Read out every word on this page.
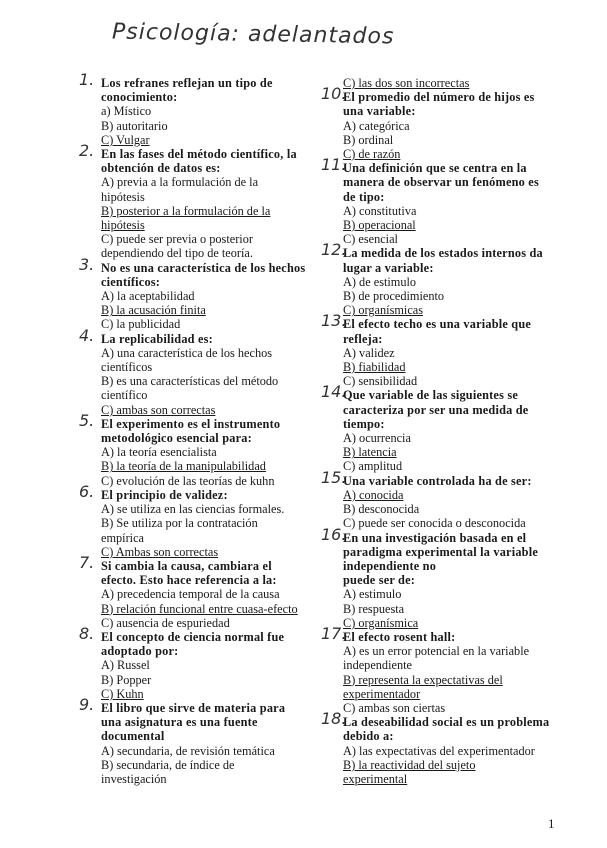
Psicología: adelantados
1. Los refranes reflejan un tipo de
conocimiento:
a) Místico
B) autoritario
C) Vulgar
2. En las fases del método científico, la
obtención de datos es:
A) previa a la formulación de la
hipótesis
B) posterior a la formulación de la
hipótesis
C) puede ser previa o posterior
dependiendo del tipo de teoría.
3. No es una característica de los hechos
científicos:
A) la aceptabilidad
B) la acusación finita
C) la publicidad
4. La replicabilidad es:
A) una característica de los hechos
científicos
B) es una características del método
científico
C) ambas son correctas
5. El experimento es el instrumento
metodológico esencial para:
A) la teoría esencialista
B) la teoría de la manipulabilidad
C) evolución de las teorías de kuhn
6. El principio de validez:
A) se utiliza en las ciencias formales.
B) Se utiliza por la contratación
empírica
C) Ambas son correctas
7. Si cambia la causa, cambiara el
efecto. Esto hace referencia a la:
A) precedencia temporal de la causa
B) relación funcional entre cuasa-efecto
C) ausencia de espuriedad
8. El concepto de ciencia normal fue
adoptado por:
A) Russel
B) Popper
C) Kuhn
9. El libro que sirve de materia para
una asignatura es una fuente
documental
A) secundaria, de revisión temática
B) secundaria, de índice de
investigación
C) las dos son incorrectas
10.
El promedio del número de hijos es
una variable:
A) categórica
B) ordinal
C) de razón
11.
Una definición que se centra en la
manera de observar un fenómeno es
de tipo:
A) constitutiva
B) operacional
C) esencial
12.
La medida de los estados internos da
lugar a variable:
A) de estimulo
B) de procedimiento
C) organísmicas
13.
El efecto techo es una variable que
refleja:
A) validez
B) fiabilidad
C) sensibilidad
14.
Que variable de las siguientes se
caracteriza por ser una medida de
tiempo:
A) ocurrencia
B) latencia
C) amplitud
15.
Una variable controlada ha de ser:
A) conocida
B) desconocida
C) puede ser conocida o desconocida
16.
En una investigación basada en el
paradigma experimental la variable
independiente no
puede ser de:
A) estimulo
B) respuesta
C) organísmica
17.
El efecto rosent hall:
A) es un error potencial en la variable
independiente
B) representa la expectativas del
experimentador
C) ambas son ciertas
18.
La deseabilidad social es un problema
debido a:
A) las expectativas del experimentador
B) la reactividad del sujeto
experimental
1
